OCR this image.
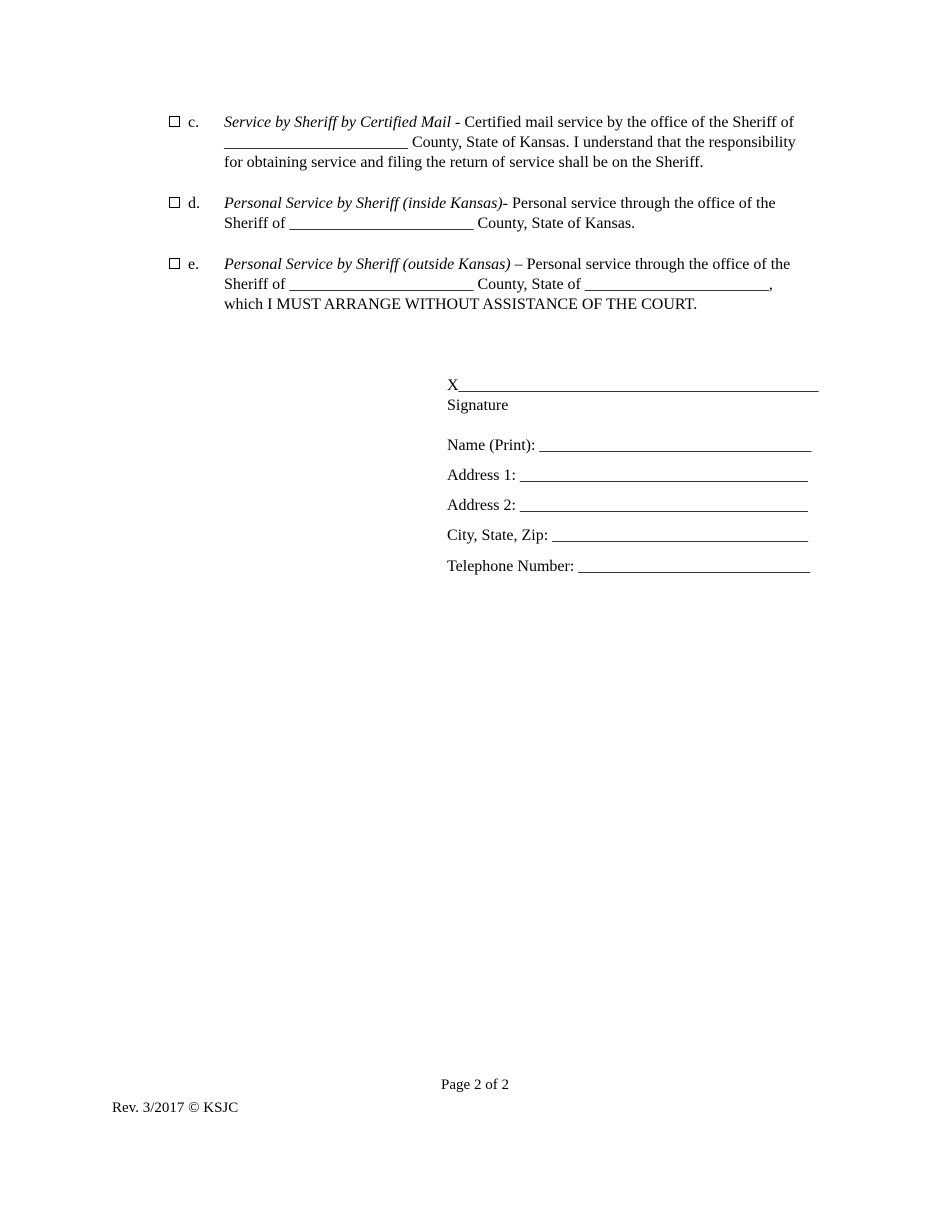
c. Service by Sheriff by Certified Mail - Certified mail service by the office of the Sheriff of
_______________________ County, State of Kansas. I understand that the responsibility
for obtaining service and filing the return of service shall be on the Sheriff.
d. Personal Service by Sheriff (inside Kansas)- Personal service through the office of the
Sheriff of _______________________ County, State of Kansas.
e. Personal Service by Sheriff (outside Kansas) – Personal service through the office of the
Sheriff of _______________________ County, State of _______________________,
which I MUST ARRANGE WITHOUT ASSISTANCE OF THE COURT.
X_____________________________________________
Signature
Name (Print): __________________________________
Address 1: ____________________________________
Address 2: ____________________________________
City, State, Zip: ________________________________
Telephone Number: _____________________________
Page 2 of 2
Rev. 3/2017 © KSJC
